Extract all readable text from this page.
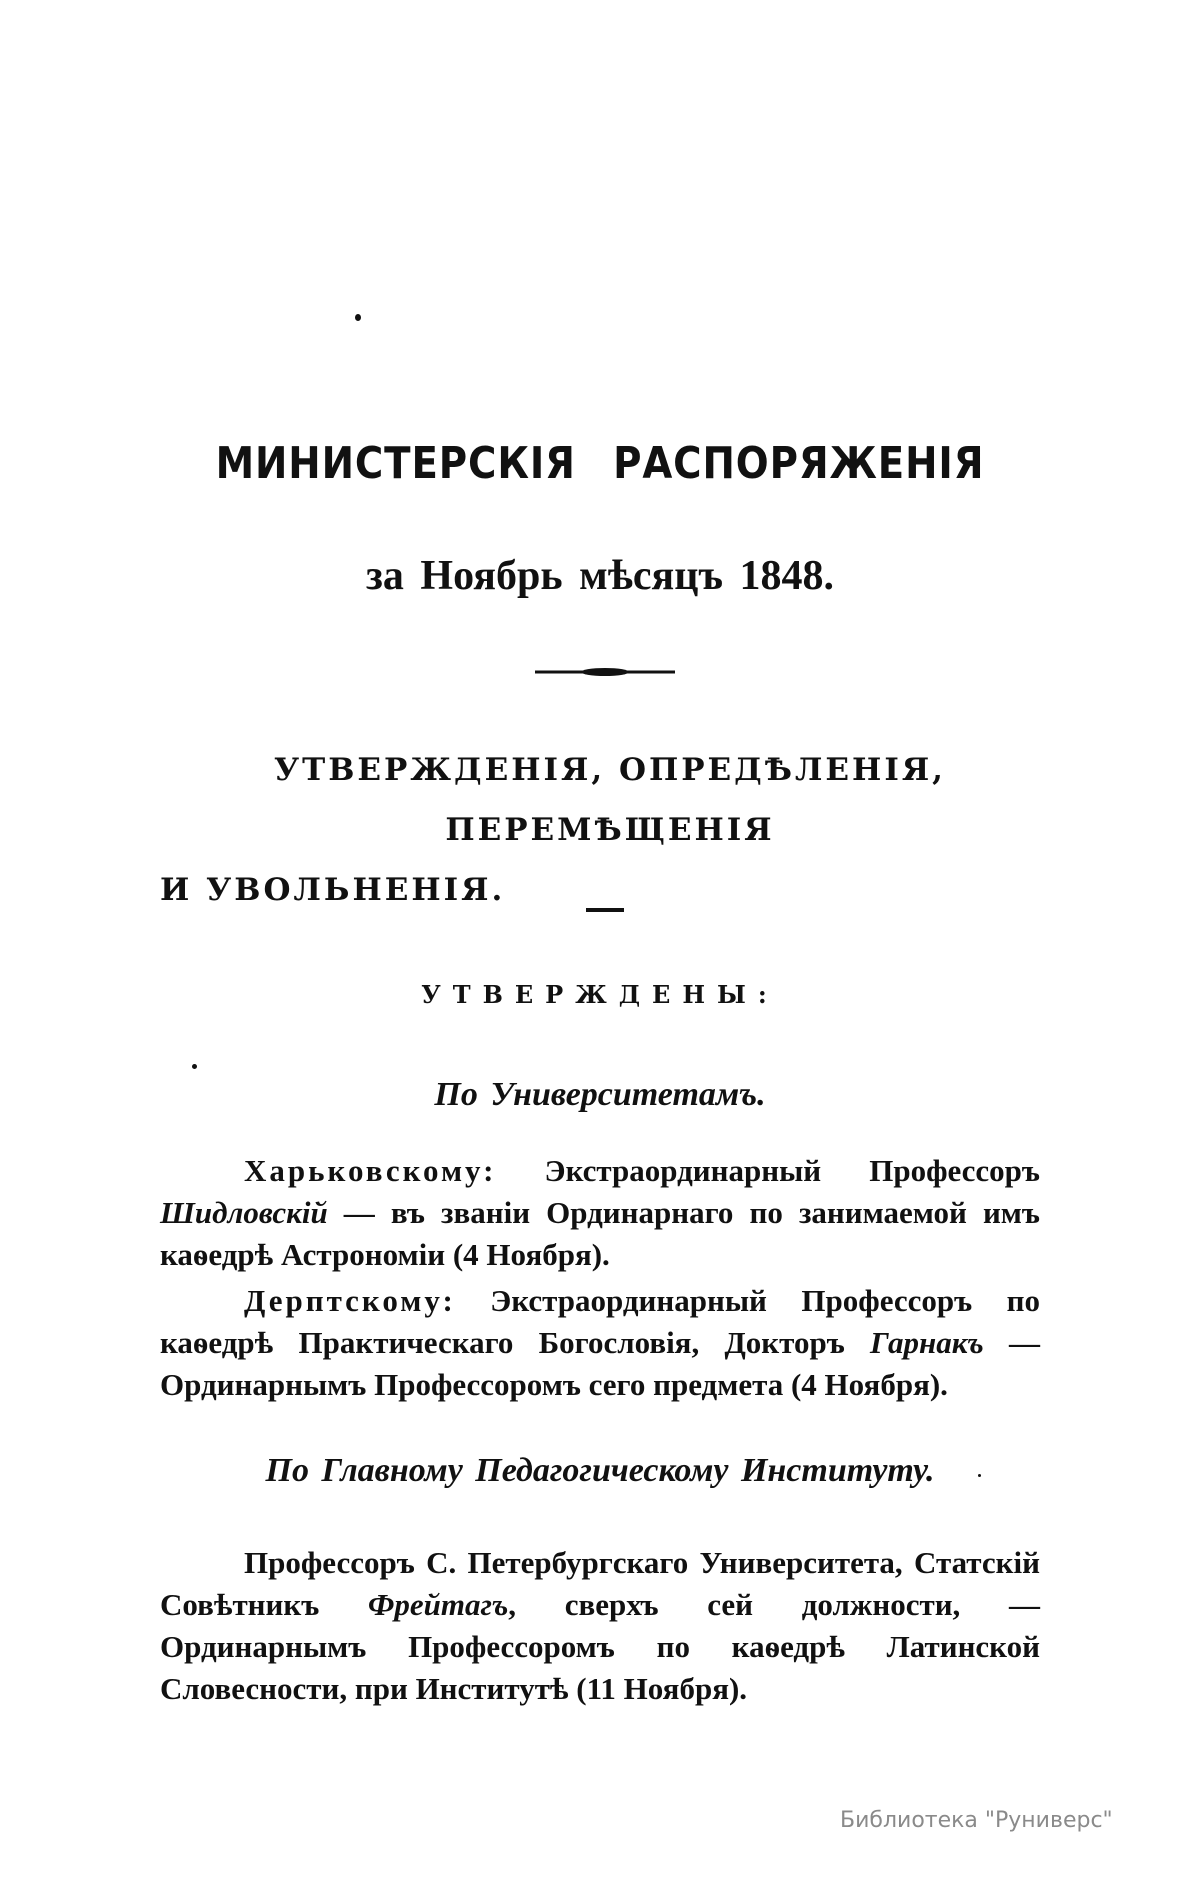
МИНИСТЕРСКІЯ РАСПОРЯЖЕНІЯ
за Ноябрь мѣсяцъ 1848.
УТВЕРЖДЕНІЯ, ОПРЕДѢЛЕНІЯ, ПЕРЕМѢЩЕНІЯ
И УВОЛЬНЕНІЯ.
УТВЕРЖДЕНЫ:
По Университетамъ.
Харьковскому: Экстраординарный Профессоръ Шидловскій — въ званіи Ординарнаго по занимаемой имъ каѳедрѣ Астрономіи (4 Ноября).
Дерптскому: Экстраординарный Профессоръ по каѳедрѣ Практическаго Богословія, Докторъ Гарнакъ — Ординарнымъ Профессоромъ сего предмета (4 Ноября).
По Главному Педагогическому Институту.
Профессоръ С. Петербургскаго Университета, Статскій Совѣтникъ Фрейтагъ, сверхъ сей должности, — Ординарнымъ Профессоромъ по каѳедрѣ Латинской Словесности, при Институтѣ (11 Ноября).
Библиотека "Руниверс"
